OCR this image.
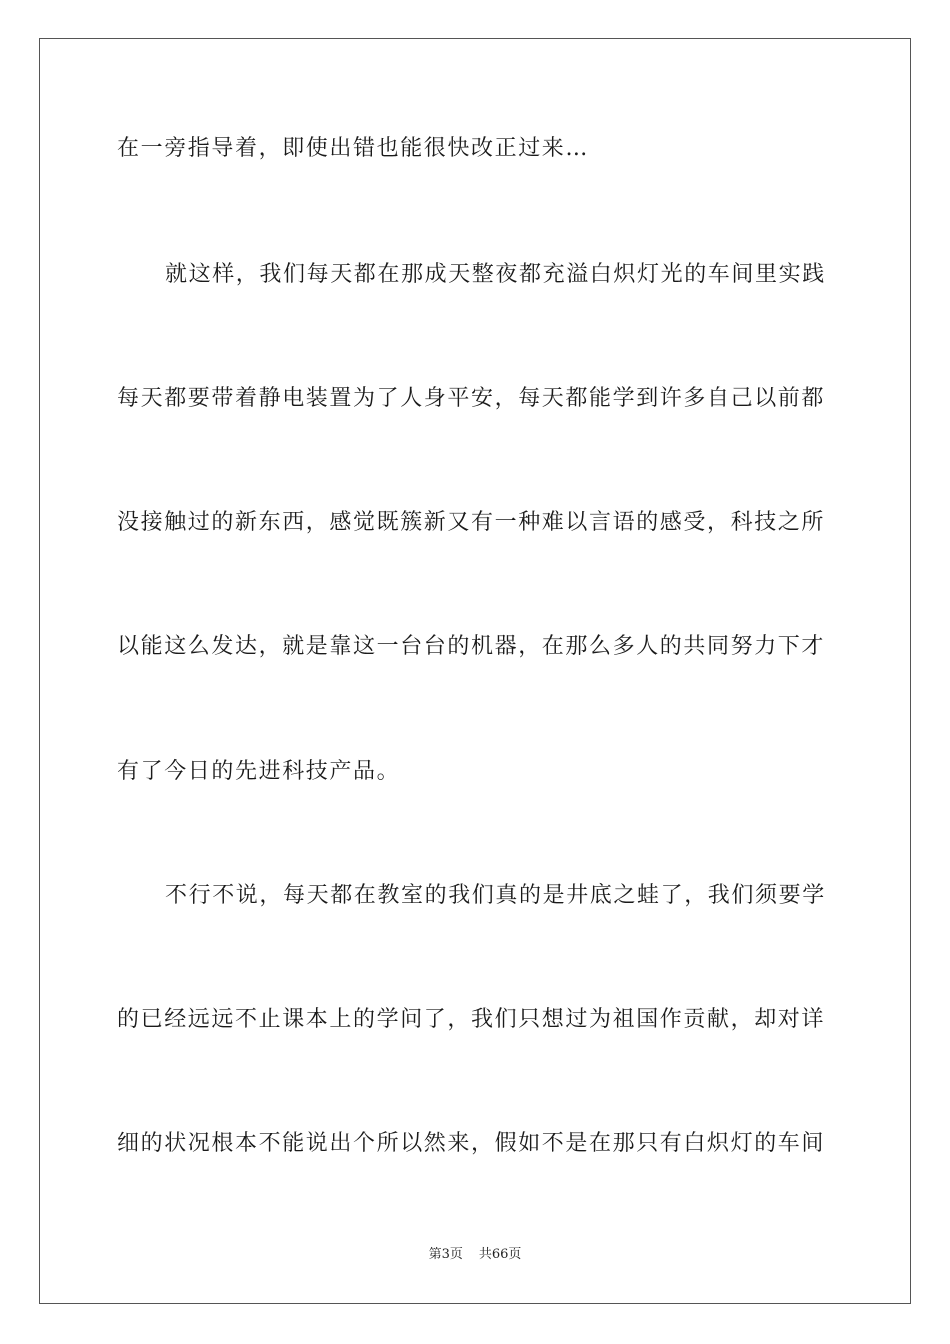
在一旁指导着，即使出错也能很快改正过来…
就这样，我们每天都在那成天整夜都充溢白炽灯光的车间里实践
每天都要带着静电装置为了人身平安，每天都能学到许多自己以前都
没接触过的新东西，感觉既簇新又有一种难以言语的感受，科技之所
以能这么发达，就是靠这一台台的机器，在那么多人的共同努力下才
有了今日的先进科技产品。
不行不说，每天都在教室的我们真的是井底之蛙了，我们须要学
的已经远远不止课本上的学问了，我们只想过为祖国作贡献，却对详
细的状况根本不能说出个所以然来，假如不是在那只有白炽灯的车间
第3页 共66页
